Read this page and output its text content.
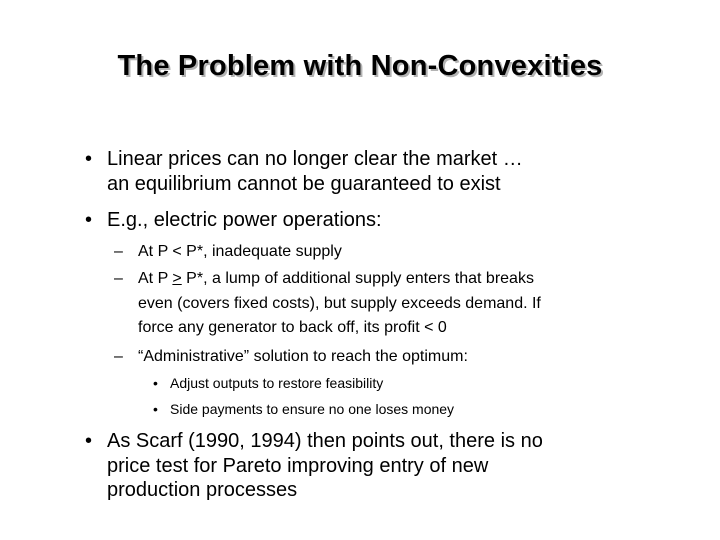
The Problem with Non-Convexities
• Linear prices can no longer clear the market …
an equilibrium cannot be guaranteed to exist
• E.g., electric power operations:
– At P < P*, inadequate supply
– At P > P*, a lump of additional supply enters that breaks
even (covers fixed costs), but supply exceeds demand. If
force any generator to back off, its profit < 0
– “Administrative” solution to reach the optimum:
• Adjust outputs to restore feasibility
• Side payments to ensure no one loses money
• As Scarf (1990, 1994) then points out, there is no
price test for Pareto improving entry of new
production processes
